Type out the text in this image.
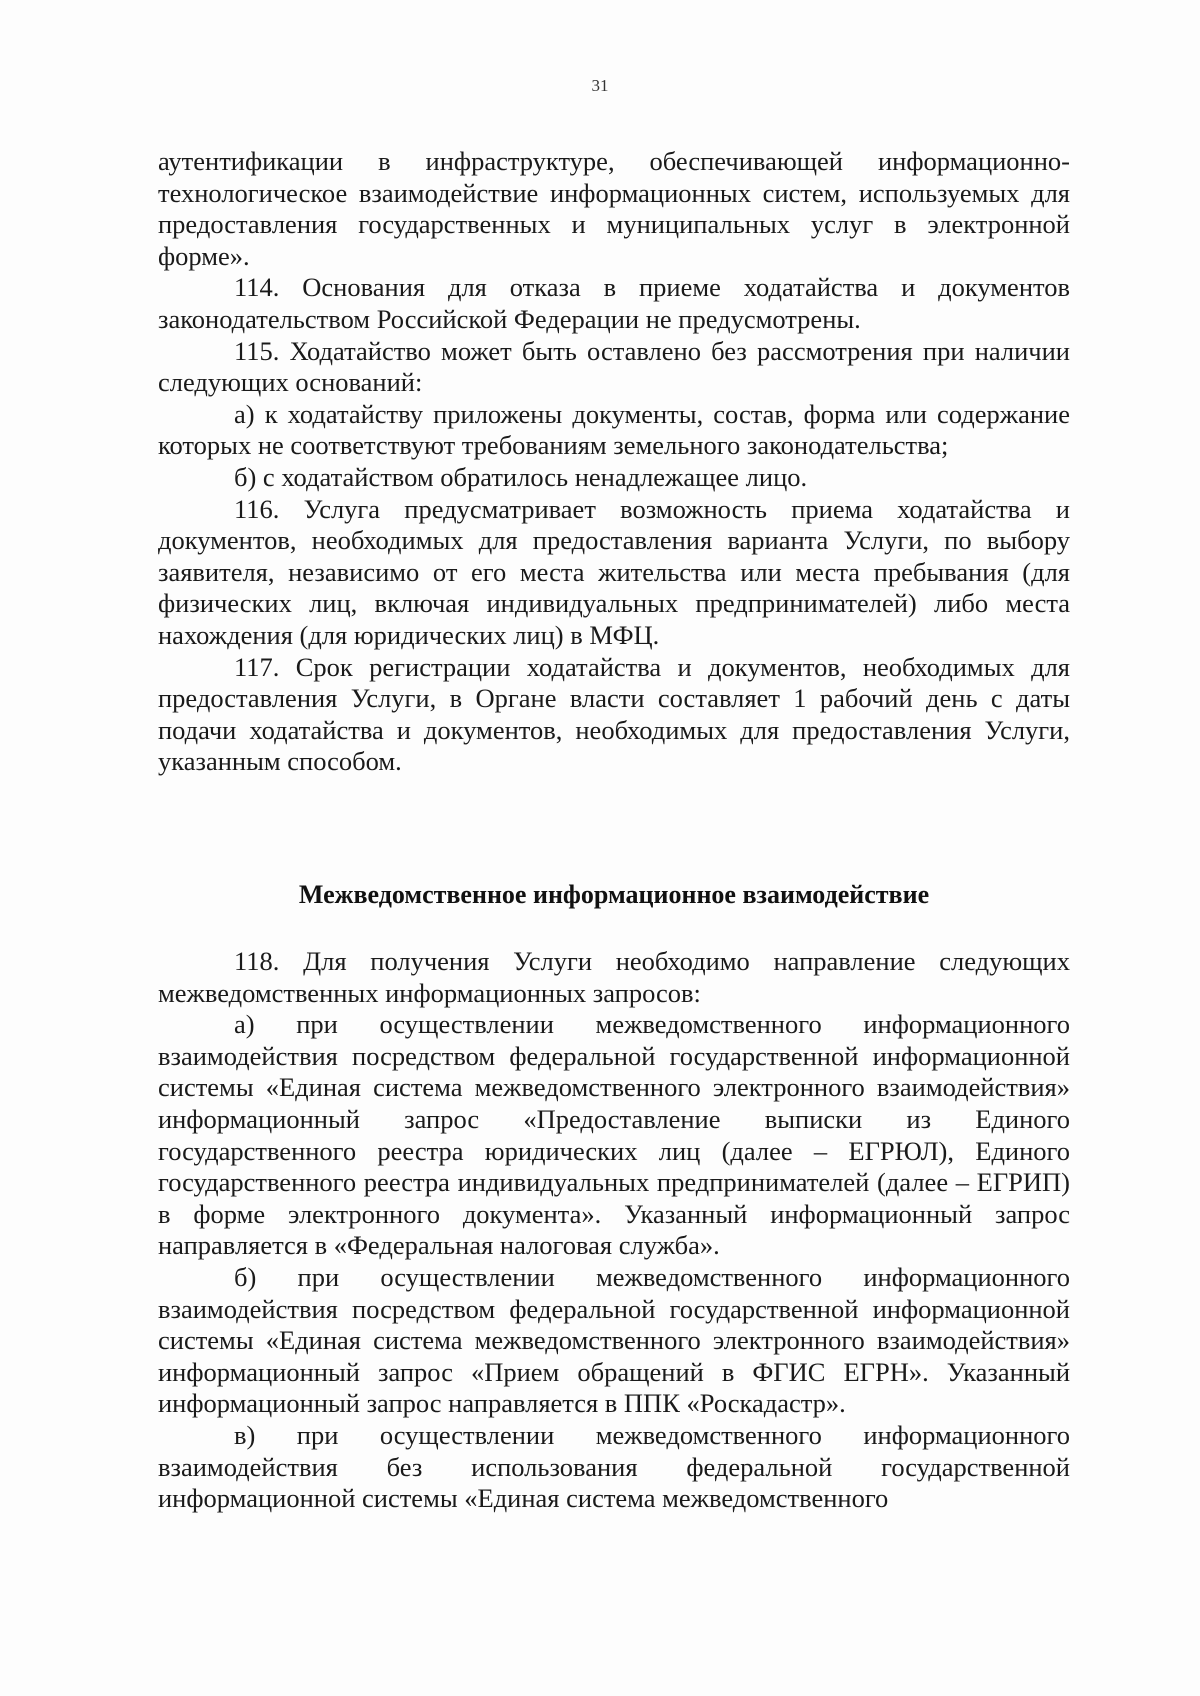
31

аутентификации в инфраструктуре, обеспечивающей информационно-технологическое взаимодействие информационных систем, используемых для предоставления государственных и муниципальных услуг в электронной форме».

114. Основания для отказа в приеме ходатайства и документов законодательством Российской Федерации не предусмотрены.

115. Ходатайство может быть оставлено без рассмотрения при наличии следующих оснований:

а) к ходатайству приложены документы, состав, форма или содержание которых не соответствуют требованиям земельного законодательства;

б) с ходатайством обратилось ненадлежащее лицо.

116. Услуга предусматривает возможность приема ходатайства и документов, необходимых для предоставления варианта Услуги, по выбору заявителя, независимо от его места жительства или места пребывания (для физических лиц, включая индивидуальных предпринимателей) либо места нахождения (для юридических лиц) в МФЦ.

117. Срок регистрации ходатайства и документов, необходимых для предоставления Услуги, в Органе власти составляет 1 рабочий день с даты подачи ходатайства и документов, необходимых для предоставления Услуги, указанным способом.

Межведомственное информационное взаимодействие

118. Для получения Услуги необходимо направление следующих межведомственных информационных запросов:

а) при осуществлении межведомственного информационного взаимодействия посредством федеральной государственной информационной системы «Единая система межведомственного электронного взаимодействия» информационный запрос «Предоставление выписки из Единого государственного реестра юридических лиц (далее – ЕГРЮЛ), Единого государственного реестра индивидуальных предпринимателей (далее – ЕГРИП) в форме электронного документа». Указанный информационный запрос направляется в «Федеральная налоговая служба».

б) при осуществлении межведомственного информационного взаимодействия посредством федеральной государственной информационной системы «Единая система межведомственного электронного взаимодействия» информационный запрос «Прием обращений в ФГИС ЕГРН». Указанный информационный запрос направляется в ППК «Роскадастр».

в) при осуществлении межведомственного информационного взаимодействия без использования федеральной государственной информационной системы «Единая система межведомственного
